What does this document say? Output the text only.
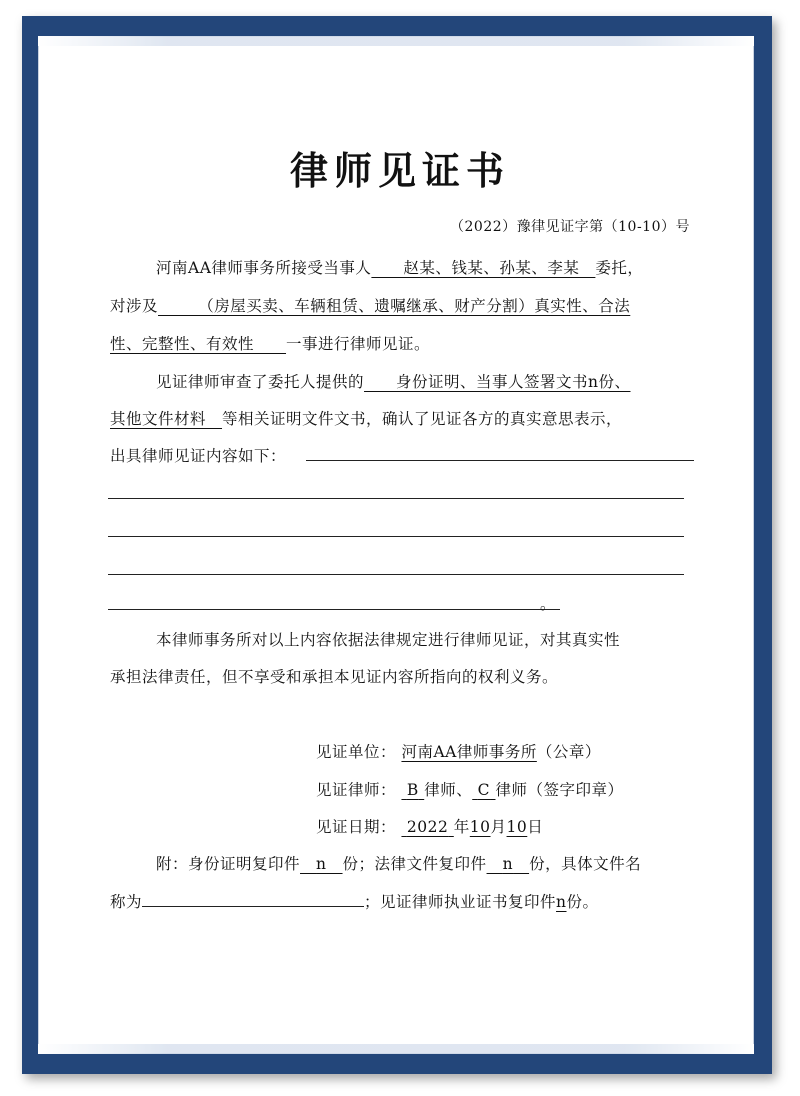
律师见证书
（2022）豫律见证字第（10-10）号
河南AA律师事务所接受当事人　　赵某、钱某、孙某、李某　委托，
对涉及　　　（房屋买卖、车辆租赁、遗嘱继承、财产分割）真实性、合法
性、完整性、有效性　　一事进行律师见证。
见证律师审查了委托人提供的　　身份证明、当事人签署文书n份、
其他文件材料　等相关证明文件文书，确认了见证各方的真实意思表示，
出具律师见证内容如下：
。
本律师事务所对以上内容依据法律规定进行律师见证，对其真实性
承担法律责任，但不享受和承担本见证内容所指向的权利义务。
见证单位： 河南AA律师事务所（公章）
见证律师： B 律师、 C 律师（签字印章）
见证日期： 2022 年10月10日
附：身份证明复印件　 n　 份；法律文件复印件　 n　 份，具体文件名
称为	；见证律师执业证书复印件n份。
